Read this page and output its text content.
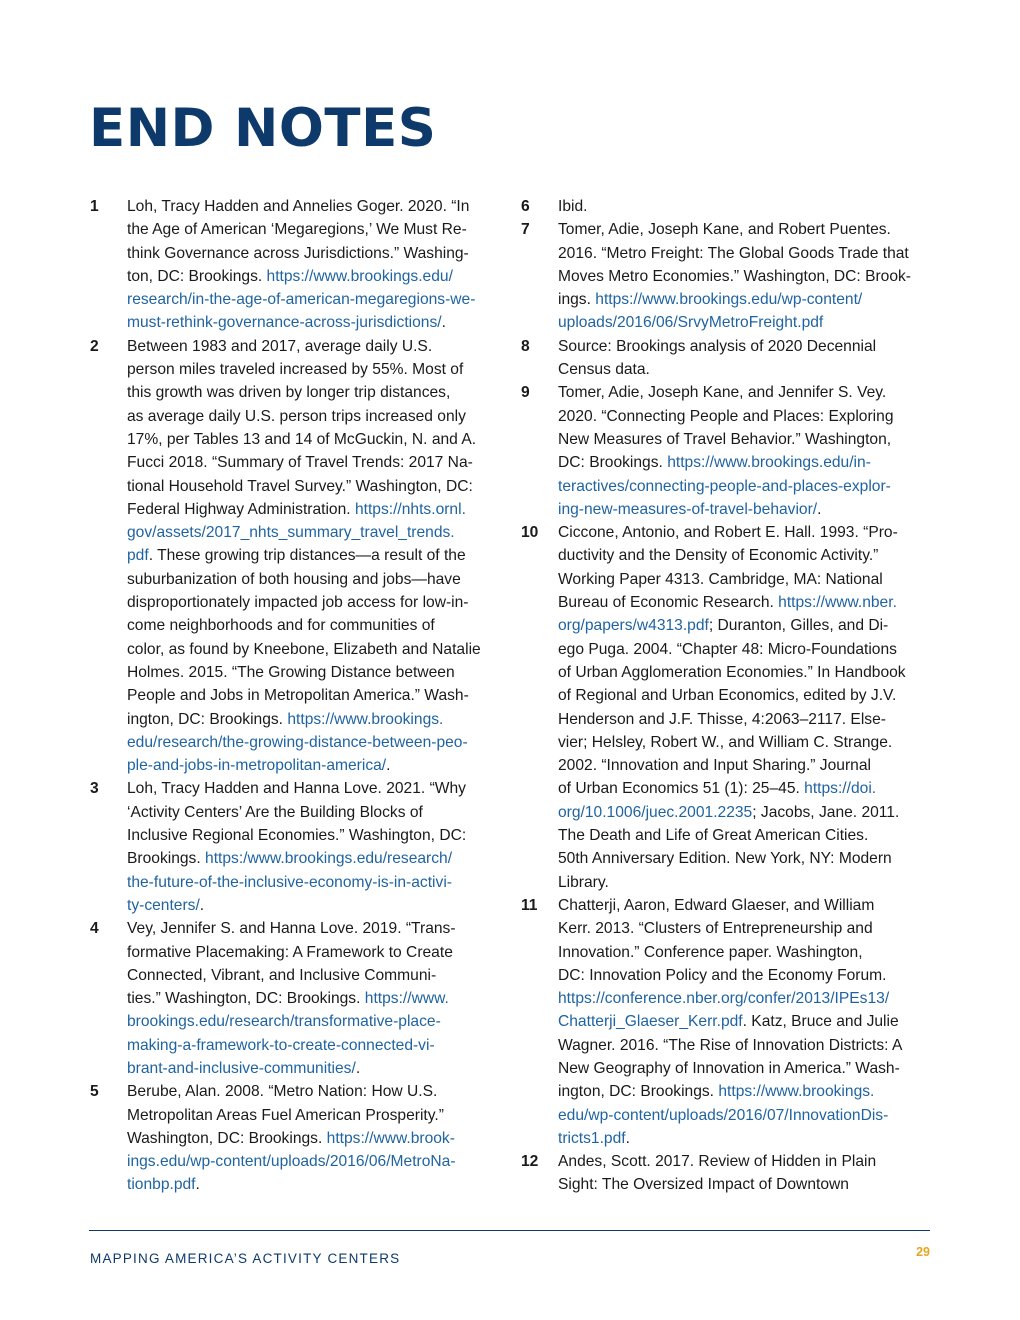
END NOTES
1	Loh, Tracy Hadden and Annelies Goger. 2020. “In
the Age of American ‘Megaregions,’ We Must Re-
think Governance across Jurisdictions.” Washing-
ton, DC: Brookings. https://www.brookings.edu/
research/in-the-age-of-american-megaregions-we-
must-rethink-governance-across-jurisdictions/.
2	Between 1983 and 2017, average daily U.S.
person miles traveled increased by 55%. Most of
this growth was driven by longer trip distances,
as average daily U.S. person trips increased only
17%, per Tables 13 and 14 of McGuckin, N. and A.
Fucci 2018. “Summary of Travel Trends: 2017 Na-
tional Household Travel Survey.” Washington, DC:
Federal Highway Administration. https://nhts.ornl.
gov/assets/2017_nhts_summary_travel_trends.
pdf. These growing trip distances—a result of the
suburbanization of both housing and jobs—have
disproportionately impacted job access for low-in-
come neighborhoods and for communities of
color, as found by Kneebone, Elizabeth and Natalie
Holmes. 2015. “The Growing Distance between
People and Jobs in Metropolitan America.” Wash-
ington, DC: Brookings. https://www.brookings.
edu/research/the-growing-distance-between-peo-
ple-and-jobs-in-metropolitan-america/.
3	Loh, Tracy Hadden and Hanna Love. 2021. “Why
‘Activity Centers’ Are the Building Blocks of
Inclusive Regional Economies.” Washington, DC:
Brookings. https:/www.brookings.edu/research/
the-future-of-the-inclusive-economy-is-in-activi-
ty-centers/.
4	Vey, Jennifer S. and Hanna Love. 2019. “Trans-
formative Placemaking: A Framework to Create
Connected, Vibrant, and Inclusive Communi-
ties.” Washington, DC: Brookings. https://www.
brookings.edu/research/transformative-place-
making-a-framework-to-create-connected-vi-
brant-and-inclusive-communities/.
5	Berube, Alan. 2008. “Metro Nation: How U.S.
Metropolitan Areas Fuel American Prosperity.”
Washington, DC: Brookings. https://www.brook-
ings.edu/wp-content/uploads/2016/06/MetroNa-
tionbp.pdf.
6	Ibid.
7	Tomer, Adie, Joseph Kane, and Robert Puentes.
2016. “Metro Freight: The Global Goods Trade that
Moves Metro Economies.” Washington, DC: Brook-
ings. https://www.brookings.edu/wp-content/
uploads/2016/06/SrvyMetroFreight.pdf
8	Source: Brookings analysis of 2020 Decennial
Census data.
9	Tomer, Adie, Joseph Kane, and Jennifer S. Vey.
2020. “Connecting People and Places: Exploring
New Measures of Travel Behavior.” Washington,
DC: Brookings. https://www.brookings.edu/in-
teractives/connecting-people-and-places-explor-
ing-new-measures-of-travel-behavior/.
10	Ciccone, Antonio, and Robert E. Hall. 1993. “Pro-
ductivity and the Density of Economic Activity.”
Working Paper 4313. Cambridge, MA: National
Bureau of Economic Research. https://www.nber.
org/papers/w4313.pdf; Duranton, Gilles, and Di-
ego Puga. 2004. “Chapter 48: Micro-Foundations
of Urban Agglomeration Economies.” In Handbook
of Regional and Urban Economics, edited by J.V.
Henderson and J.F. Thisse, 4:2063–2117. Else-
vier; Helsley, Robert W., and William C. Strange.
2002. “Innovation and Input Sharing.” Journal
of Urban Economics 51 (1): 25–45. https://doi.
org/10.1006/juec.2001.2235; Jacobs, Jane. 2011.
The Death and Life of Great American Cities.
50th Anniversary Edition. New York, NY: Modern
Library.
11	Chatterji, Aaron, Edward Glaeser, and William
Kerr. 2013. “Clusters of Entrepreneurship and
Innovation.” Conference paper. Washington,
DC: Innovation Policy and the Economy Forum.
https://conference.nber.org/confer/2013/IPEs13/
Chatterji_Glaeser_Kerr.pdf. Katz, Bruce and Julie
Wagner. 2016. “The Rise of Innovation Districts: A
New Geography of Innovation in America.” Wash-
ington, DC: Brookings. https://www.brookings.
edu/wp-content/uploads/2016/07/InnovationDis-
tricts1.pdf.
12	Andes, Scott. 2017. Review of Hidden in Plain
Sight: The Oversized Impact of Downtown
MAPPING AMERICA’S ACTIVITY CENTERS	29
